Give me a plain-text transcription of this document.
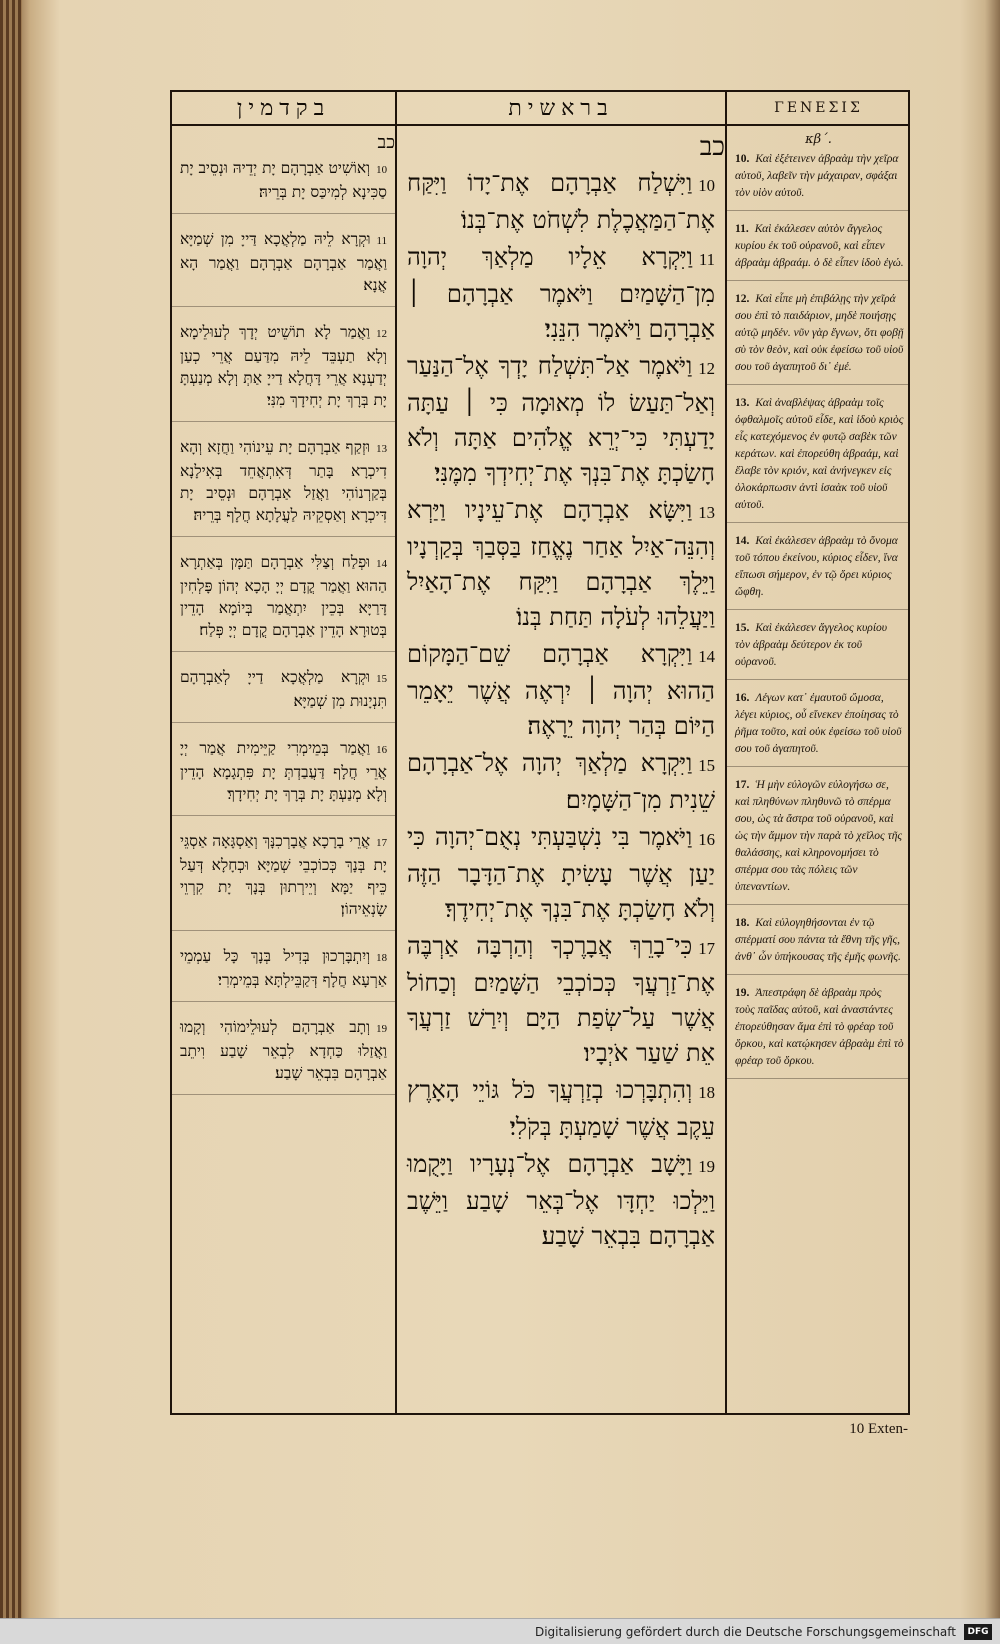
בקדמין
כב
10וְאוֹשִׁיט אַבְרָהָם יָת יְדֵיהּ וּנְסֵיב יָת סַכִּינָא לְמִיכַּס יָת בְּרֵיהּ׃
11וּקְרָא לֵיהּ מַלְאֲכָא דַּייָ מִן שְׁמַיָּא וַאֲמַר אַבְרָהָם אַבְרָהָם וַאֲמַר הָא אֲנָא׃
12וַאֲמַר לָא תוֹשֵׁיט יְדָךְ לְעוּלֵימָא וְלָא תַעְבֵּד לֵיהּ מִדַּעַם אֲרֵי כְעַן יְדַעְנָא אֲרֵי דָּחֲלָא דַייָ אַתְּ וְלָא מְנַעְתָּ יָת בְּרָךְ יָת יְחִידָךְ מִנִּי׃
13וּזְקַף אַבְרָהָם יָת עֵינוֹהִי וַחֲזָא וְהָא דִיכְרָא בָּתַר דְּאִתְאֲחֵד בְּאִילָנָא בְּקַרְנוֹהִי וַאֲזַל אַבְרָהָם וּנְסֵיב יָת דִּיכְרָא וְאַסְקֵיהּ לַעֲלָתָא חֲלָף בְּרֵיהּ׃
14וּפְלַח וְצַלִּי אַבְרָהָם תַּמָּן בְּאַתְרָא הַהוּא וַאֲמַר קֳדָם יְיָ הָכָא יְהוֹן פָּלְחִין דָּרַיָּא בְּכֵין יִתְאֲמַר בְּיוֹמָא הָדֵין בְּטוּרָא הָדֵין אַבְרָהָם קֳדָם יְיָ פְּלַח׃
15וּקְרָא מַלְאֲכָא דַייָ לְאַבְרָהָם תִּנְיָנוּת מִן שְׁמַיָּא׃
16וַאֲמַר בְּמֵימְרִי קַיֵּימִית אֲמַר יְיָ אֲרֵי חֲלָף דַּעֲבַדְתְּ יָת פִּתְגָמָא הָדֵין וְלָא מְנַעְתָּ יָת בְּרָךְ יָת יְחִידָךְ׃
17אֲרֵי בָרָכָא אֲבָרְכִנָּךְ וְאַסְגָּאָה אַסְגֵּי יָת בְּנָךְ כְּכוֹכְבֵי שְׁמַיָּא וּכְחָלָא דְּעַל כֵּיף יַמָּא וְיֵירְתוּן בְּנָךְ יָת קִרְוֵי שָׂנְאֵיהוֹן׃
18וְיִתְבָּרְכוּן בְּדִיל בְּנָךְ כָּל עַמְמֵי אַרְעָא חֲלָף דְּקַבֵּילְתָּא בְּמֵימְרִי׃
19וְתָב אַבְרָהָם לְעוּלֵימוֹהִי וְקָמוּ וַאֲזַלוּ כַּחְדָא לִבְאֵר שָׁבַע וִיתֵב אַבְרָהָם בִּבְאֵר שָׁבַע׃
בראשית
כב
10וַיִּשְׁלַח אַבְרָהָם אֶת־יָדוֹ וַיִּקַּח אֶת־הַמַּאֲכֶלֶת לִשְׁחֹט אֶת־בְּנוֹ׃
11וַיִּקְרָא אֵלָיו מַלְאַךְ יְהוָה מִן־הַשָּׁמַיִם וַיֹּאמֶר אַבְרָהָם ׀ אַבְרָהָם וַיֹּאמֶר הִנֵּנִי׃
12וַיֹּאמֶר אַל־תִּשְׁלַח יָדְךָ אֶל־הַנַּעַר וְאַל־תַּעַשׂ לוֹ מְאוּמָה כִּי ׀ עַתָּה יָדַעְתִּי כִּי־יְרֵא אֱלֹהִים אַתָּה וְלֹא חָשַׂכְתָּ אֶת־בִּנְךָ אֶת־יְחִידְךָ מִמֶּנִּי׃
13וַיִּשָּׂא אַבְרָהָם אֶת־עֵינָיו וַיַּרְא וְהִנֵּה־אַיִל אַחַר נֶאֱחַז בַּסְּבַךְ בְּקַרְנָיו וַיֵּלֶךְ אַבְרָהָם וַיִּקַּח אֶת־הָאַיִל וַיַּעֲלֵהוּ לְעֹלָה תַּחַת בְּנוֹ׃
14וַיִּקְרָא אַבְרָהָם שֵׁם־הַמָּקוֹם הַהוּא יְהוָה ׀ יִרְאֶה אֲשֶׁר יֵאָמֵר הַיּוֹם בְּהַר יְהוָה יֵרָאֶה׃
15וַיִּקְרָא מַלְאַךְ יְהוָה אֶל־אַבְרָהָם שֵׁנִית מִן־הַשָּׁמָיִם׃
16וַיֹּאמֶר בִּי נִשְׁבַּעְתִּי נְאֻם־יְהוָה כִּי יַעַן אֲשֶׁר עָשִׂיתָ אֶת־הַדָּבָר הַזֶּה וְלֹא חָשַׂכְתָּ אֶת־בִּנְךָ אֶת־יְחִידֶךָ׃
17כִּי־בָרֵךְ אֲבָרֶכְךָ וְהַרְבָּה אַרְבֶּה אֶת־זַרְעֲךָ כְּכוֹכְבֵי הַשָּׁמַיִם וְכַחוֹל אֲשֶׁר עַל־שְׂפַת הַיָּם וְיִרַשׁ זַרְעֲךָ אֵת שַׁעַר אֹיְבָיו׃
18וְהִתְבָּרְכוּ בְזַרְעֲךָ כֹּל גּוֹיֵי הָאָרֶץ עֵקֶב אֲשֶׁר שָׁמַעְתָּ בְּקֹלִי׃
19וַיָּשָׁב אַבְרָהָם אֶל־נְעָרָיו וַיָּקֻמוּ וַיֵּלְכוּ יַחְדָּו אֶל־בְּאֵר שָׁבַע וַיֵּשֶׁב אַבְרָהָם בִּבְאֵר שָׁבַע׃
ΓΕΝΕΣΙΣ
κβ΄.
10. Καὶ ἐξέτεινεν ἀβραὰμ τὴν χεῖρα αὐτοῦ, λαβεῖν τὴν μάχαιραν, σφάξαι τὸν υἱὸν αὐτοῦ.
11. Καὶ ἐκάλεσεν αὐτὸν ἄγγελος κυρίου ἐκ τοῦ οὐρανοῦ, καὶ εἶπεν ἀβραὰμ ἀβραάμ. ὁ δὲ εἶπεν ἰδοὺ ἐγώ.
12. Καὶ εἶπε μὴ ἐπιβάλῃς τὴν χεῖρά σου ἐπὶ τὸ παιδάριον, μηδὲ ποιήσῃς αὐτῷ μηδέν. νῦν γὰρ ἔγνων, ὅτι φοβῇ σὺ τὸν θεὸν, καὶ οὐκ ἐφείσω τοῦ υἱοῦ σου τοῦ ἀγαπητοῦ δι᾿ ἐμέ.
13. Καὶ ἀναβλέψας ἀβραὰμ τοῖς ὀφθαλμοῖς αὐτοῦ εἶδε, καὶ ἰδοὺ κριὸς εἷς κατεχόμενος ἐν φυτῷ σαβὲκ τῶν κεράτων. καὶ ἐπορεύθη ἀβραάμ, καὶ ἔλαβε τὸν κριόν, καὶ ἀνήνεγκεν εἰς ὁλοκάρπωσιν ἀντὶ ἰσαὰκ τοῦ υἱοῦ αὐτοῦ.
14. Καὶ ἐκάλεσεν ἀβραὰμ τὸ ὄνομα τοῦ τόπου ἐκείνου, κύριος εἶδεν, ἵνα εἴπωσι σήμερον, ἐν τῷ ὄρει κύριος ὤφθη.
15. Καὶ ἐκάλεσεν ἄγγελος κυρίου τὸν ἀβραὰμ δεύτερον ἐκ τοῦ οὐρανοῦ.
16. Λέγων κατ᾿ ἐμαυτοῦ ὤμοσα, λέγει κύριος, οὗ εἵνεκεν ἐποίησας τὸ ῥῆμα τοῦτο, καὶ οὐκ ἐφείσω τοῦ υἱοῦ σου τοῦ ἀγαπητοῦ.
17. Ἡ μὴν εὐλογῶν εὐλογήσω σε, καὶ πληθύνων πληθυνῶ τὸ σπέρμα σου, ὡς τὰ ἄστρα τοῦ οὐρανοῦ, καὶ ὡς τὴν ἄμμον τὴν παρὰ τὸ χεῖλος τῆς θαλάσσης, καὶ κληρονομήσει τὸ σπέρμα σου τὰς πόλεις τῶν ὑπεναντίων.
18. Καὶ εὐλογηθήσονται ἐν τῷ σπέρματί σου πάντα τὰ ἔθνη τῆς γῆς, ἀνθ᾿ ὧν ὑπήκουσας τῆς ἐμῆς φωνῆς.
19. Ἀπεστράφη δὲ ἀβραὰμ πρὸς τοὺς παῖδας αὐτοῦ, καὶ ἀναστάντες ἐπορεύθησαν ἅμα ἐπὶ τὸ φρέαρ τοῦ ὅρκου, καὶ κατῴκησεν ἀβραὰμ ἐπὶ τὸ φρέαρ τοῦ ὅρκου.
10 Exten-
Digitalisierung gefördert durch die Deutsche Forschungsgemeinschaft	DFG
